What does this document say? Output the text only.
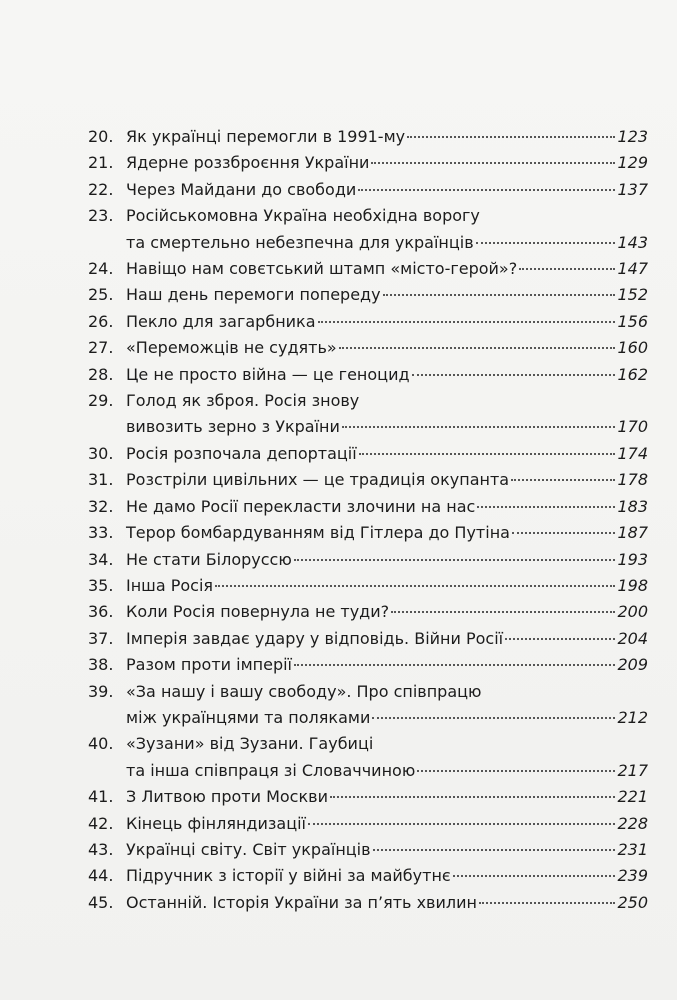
20. Як українці перемогли в 1991-му	123
21. Ядерне роззброєння України	129
22. Через Майдани до свободи	137
23. Російськомовна Україна необхідна ворогу
та смертельно небезпечна для українців	143
24. Навіщо нам совєтський штамп «місто-герой»?	147
25. Наш день перемоги попереду	152
26. Пекло для загарбника	156
27. «Переможців не судять»	160
28. Це не просто війна — це геноцид	162
29. Голод як зброя. Росія знову
вивозить зерно з України	170
30. Росія розпочала депортації	174
31. Розстріли цивільних — це традиція окупанта	178
32. Не дамо Росії перекласти злочини на нас	183
33. Терор бомбардуванням від Гітлера до Путіна	187
34. Не стати Білоруссю	193
35. Інша Росія	198
36. Коли Росія повернула не туди?	200
37. Імперія завдає удару у відповідь. Війни Росії	204
38. Разом проти імперії	209
39. «За нашу і вашу свободу». Про співпрацю
між українцями та поляками	212
40. «Зузани» від Зузани. Гаубиці
та інша співпраця зі Словаччиною	217
41. З Литвою проти Москви	221
42. Кінець фінляндизації	228
43. Українці світу. Світ українців	231
44. Підручник з історії у війні за майбутнє	239
45. Останній. Історія України за п’ять хвилин	250
